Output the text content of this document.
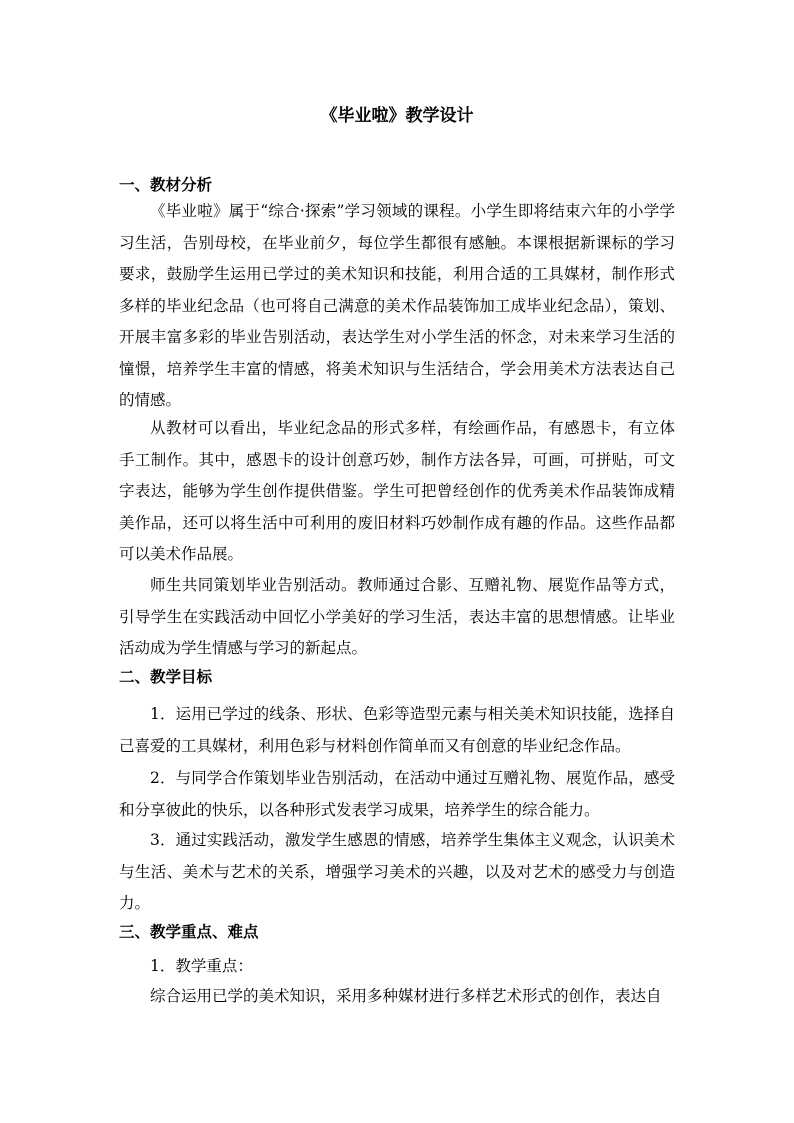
《毕业啦》教学设计
一、教材分析

《毕业啦》属于“综合·探索”学习领域的课程。小学生即将结束六年的小学学习生活，告别母校，在毕业前夕，每位学生都很有感触。本课根据新课标的学习要求，鼓励学生运用已学过的美术知识和技能，利用合适的工具媒材，制作形式多样的毕业纪念品（也可将自己满意的美术作品装饰加工成毕业纪念品），策划、开展丰富多彩的毕业告别活动，表达学生对小学生活的怀念，对未来学习生活的憧憬，培养学生丰富的情感，将美术知识与生活结合，学会用美术方法表达自己的情感。

从教材可以看出，毕业纪念品的形式多样，有绘画作品，有感恩卡，有立体手工制作。其中，感恩卡的设计创意巧妙，制作方法各异，可画，可拼贴，可文字表达，能够为学生创作提供借鉴。学生可把曾经创作的优秀美术作品装饰成精美作品，还可以将生活中可利用的废旧材料巧妙制作成有趣的作品。这些作品都可以美术作品展。

师生共同策划毕业告别活动。教师通过合影、互赠礼物、展览作品等方式，引导学生在实践活动中回忆小学美好的学习生活，表达丰富的思想情感。让毕业活动成为学生情感与学习的新起点。

二、教学目标

1．运用已学过的线条、形状、色彩等造型元素与相关美术知识技能，选择自己喜爱的工具媒材，利用色彩与材料创作简单而又有创意的毕业纪念作品。

2．与同学合作策划毕业告别活动，在活动中通过互赠礼物、展览作品，感受和分享彼此的快乐，以各种形式发表学习成果，培养学生的综合能力。

3．通过实践活动，激发学生感恩的情感，培养学生集体主义观念，认识美术与生活、美术与艺术的关系，增强学习美术的兴趣，以及对艺术的感受力与创造力。

三、教学重点、难点
1．教学重点：

综合运用已学的美术知识，采用多种媒材进行多样艺术形式的创作，表达自
